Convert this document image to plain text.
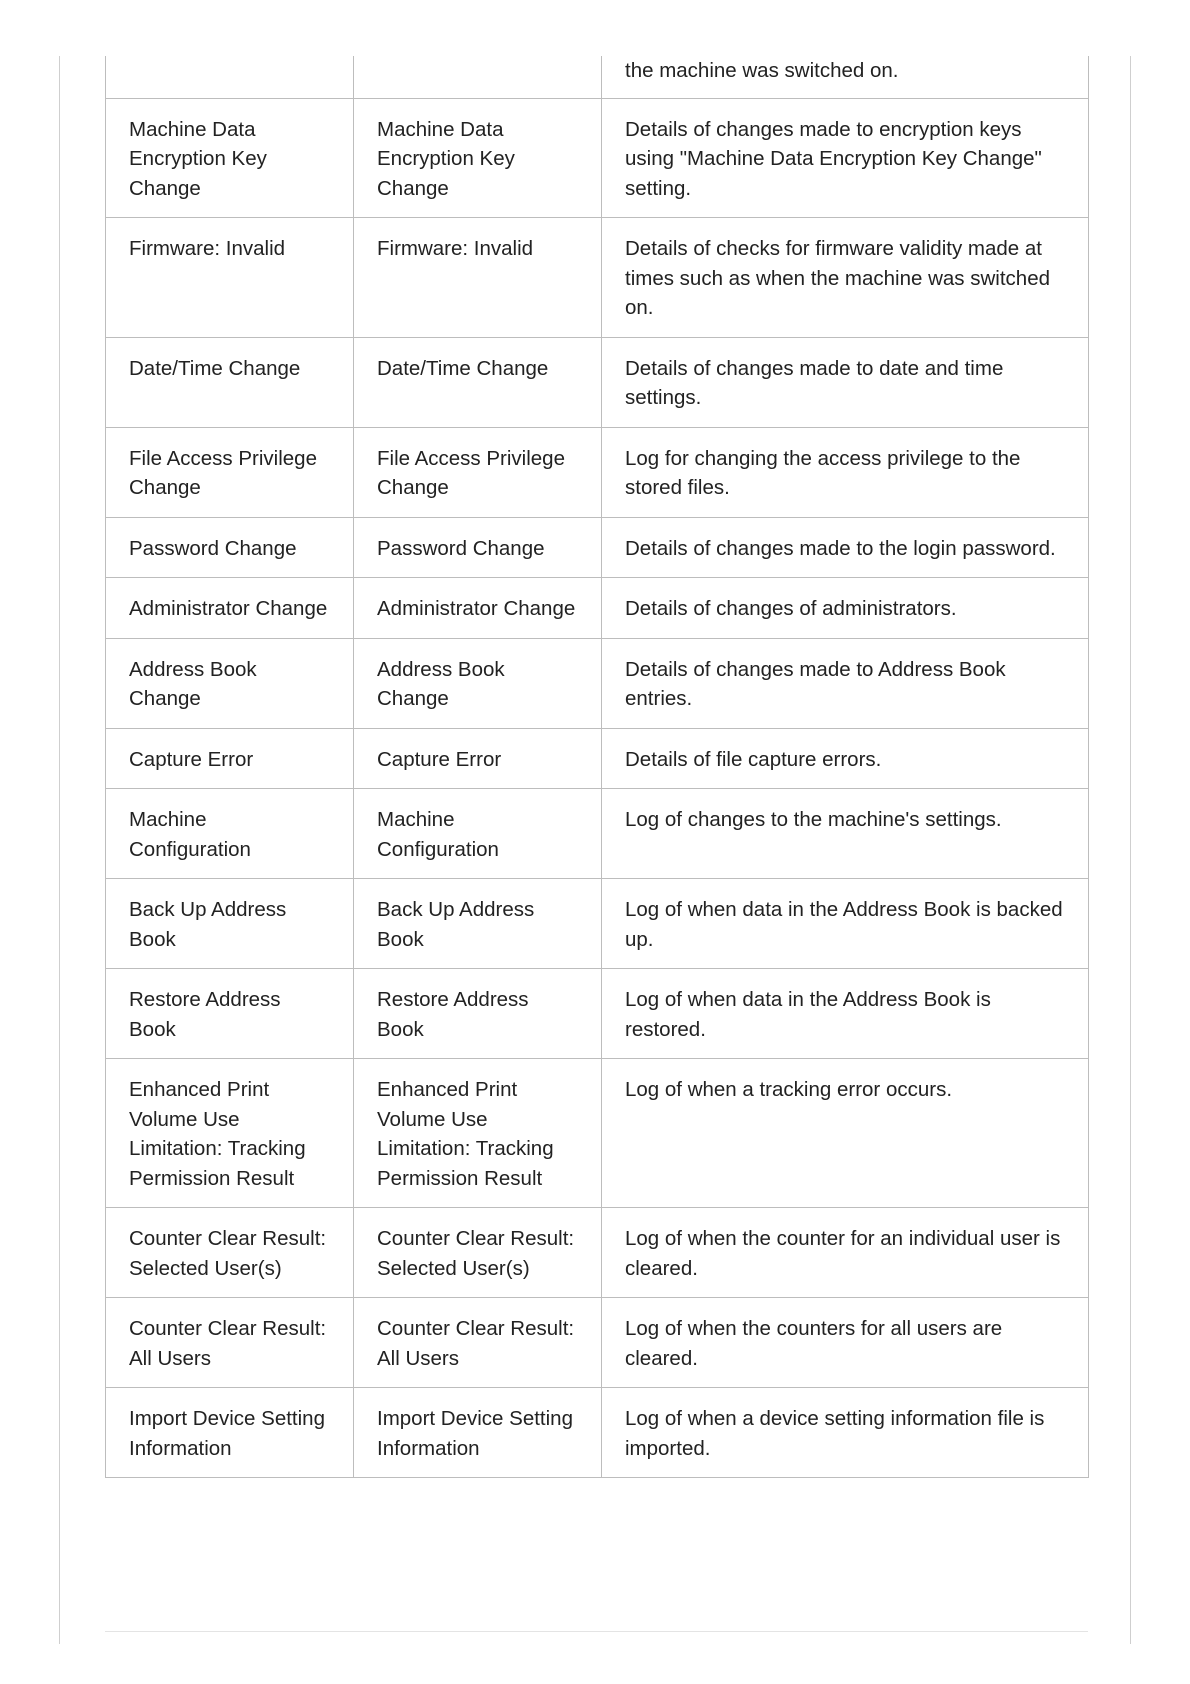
		the machine was switched on.
Machine Data Encryption Key Change	Machine Data Encryption Key Change	Details of changes made to encryption keys using "Machine Data Encryption Key Change" setting.
Firmware: Invalid	Firmware: Invalid	Details of checks for firmware validity made at times such as when the machine was switched on.
Date/Time Change	Date/Time Change	Details of changes made to date and time settings.
File Access Privilege Change	File Access Privilege Change	Log for changing the access privilege to the stored files.
Password Change	Password Change	Details of changes made to the login password.
Administrator Change	Administrator Change	Details of changes of administrators.
Address Book Change	Address Book Change	Details of changes made to Address Book entries.
Capture Error	Capture Error	Details of file capture errors.
Machine Configuration	Machine Configuration	Log of changes to the machine's settings.
Back Up Address Book	Back Up Address Book	Log of when data in the Address Book is backed up.
Restore Address Book	Restore Address Book	Log of when data in the Address Book is restored.
Enhanced Print Volume Use Limitation: Tracking Permission Result	Enhanced Print Volume Use Limitation: Tracking Permission Result	Log of when a tracking error occurs.
Counter Clear Result: Selected User(s)	Counter Clear Result: Selected User(s)	Log of when the counter for an individual user is cleared.
Counter Clear Result: All Users	Counter Clear Result: All Users	Log of when the counters for all users are cleared.
Import Device Setting Information	Import Device Setting Information	Log of when a device setting information file is imported.
